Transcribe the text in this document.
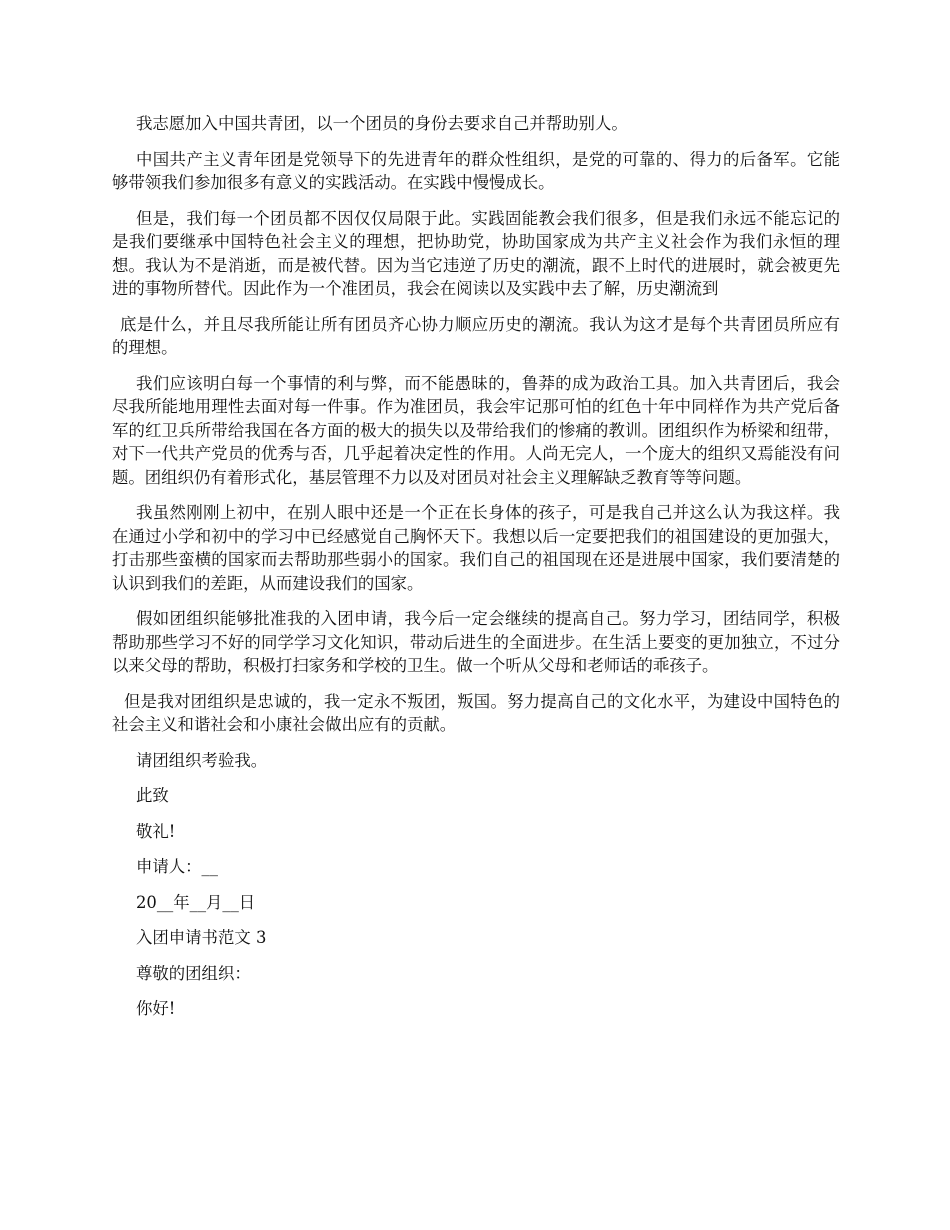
我志愿加入中国共青团，以一个团员的身份去要求自己并帮助别人。

中国共产主义青年团是党领导下的先进青年的群众性组织，是党的可靠的、得力的后备军。它能够带领我们参加很多有意义的实践活动。在实践中慢慢成长。

但是，我们每一个团员都不因仅仅局限于此。实践固能教会我们很多，但是我们永远不能忘记的是我们要继承中国特色社会主义的理想，把协助党，协助国家成为共产主义社会作为我们永恒的理想。我认为不是消逝，而是被代替。因为当它违逆了历史的潮流，跟不上时代的进展时，就会被更先进的事物所替代。因此作为一个准团员，我会在阅读以及实践中去了解，历史潮流到

底是什么，并且尽我所能让所有团员齐心协力顺应历史的潮流。我认为这才是每个共青团员所应有的理想。

我们应该明白每一个事情的利与弊，而不能愚昧的，鲁莽的成为政治工具。加入共青团后，我会尽我所能地用理性去面对每一件事。作为准团员，我会牢记那可怕的红色十年中同样作为共产党后备军的红卫兵所带给我国在各方面的极大的损失以及带给我们的惨痛的教训。团组织作为桥梁和纽带，对下一代共产党员的优秀与否，几乎起着决定性的作用。人尚无完人，一个庞大的组织又焉能没有问题。团组织仍有着形式化，基层管理不力以及对团员对社会主义理解缺乏教育等等问题。

我虽然刚刚上初中，在别人眼中还是一个正在长身体的孩子，可是我自己并这么认为我这样。我在通过小学和初中的学习中已经感觉自己胸怀天下。我想以后一定要把我们的祖国建设的更加强大，打击那些蛮横的国家而去帮助那些弱小的国家。我们自己的祖国现在还是进展中国家，我们要清楚的认识到我们的差距，从而建设我们的国家。

假如团组织能够批准我的入团申请，我今后一定会继续的提高自己。努力学习，团结同学，积极帮助那些学习不好的同学学习文化知识，带动后进生的全面进步。在生活上要变的更加独立，不过分以来父母的帮助，积极打扫家务和学校的卫生。做一个听从父母和老师话的乖孩子。

但是我对团组织是忠诚的，我一定永不叛团，叛国。努力提高自己的文化水平，为建设中国特色的社会主义和谐社会和小康社会做出应有的贡献。

请团组织考验我。

此致

敬礼!

申请人：__

20__年__月__日

入团申请书范文 3

尊敬的团组织：

你好!
